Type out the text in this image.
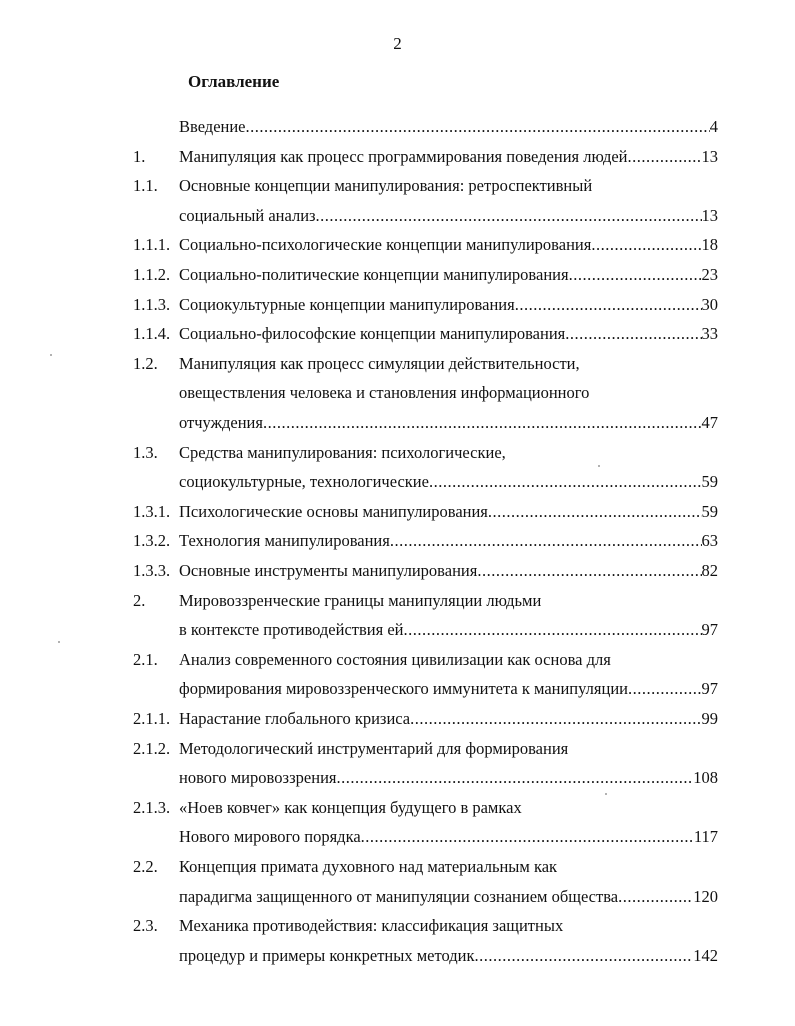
2
Оглавление
Введение .....	4
1. Манипуляция как процесс программирования поведения людей .....	13
1.1. Основные концепции манипулирования: ретроспективный
социальный анализ .....	13
1.1.1. Социально-психологические концепции манипулирования .....	18
1.1.2. Социально-политические концепции манипулирования .....	23
1.1.3. Социокультурные концепции манипулирования .....	30
1.1.4. Социально-философские концепции манипулирования .....	33
1.2. Манипуляция как процесс симуляции действительности,
овеществления человека и становления информационного
отчуждения .....	47
1.3. Средства манипулирования: психологические,
социокультурные, технологические .....	59
1.3.1. Психологические основы манипулирования .....	59
1.3.2. Технология манипулирования .....	63
1.3.3. Основные инструменты манипулирования .....	82
2. Мировоззренческие границы манипуляции людьми
в контексте противодействия ей .....	97
2.1. Анализ современного состояния цивилизации как основа для
формирования мировоззренческого иммунитета к манипуляции .....	97
2.1.1. Нарастание глобального кризиса .....	99
2.1.2. Методологический инструментарий для формирования
нового мировоззрения .....	108
2.1.3. «Ноев ковчег» как концепция будущего в рамках
Нового мирового порядка .....	117
2.2. Концепция примата духовного над материальным как
парадигма защищенного от манипуляции сознанием общества .....	120
2.3. Механика противодействия: классификация защитных
процедур и примеры конкретных методик .....	142
